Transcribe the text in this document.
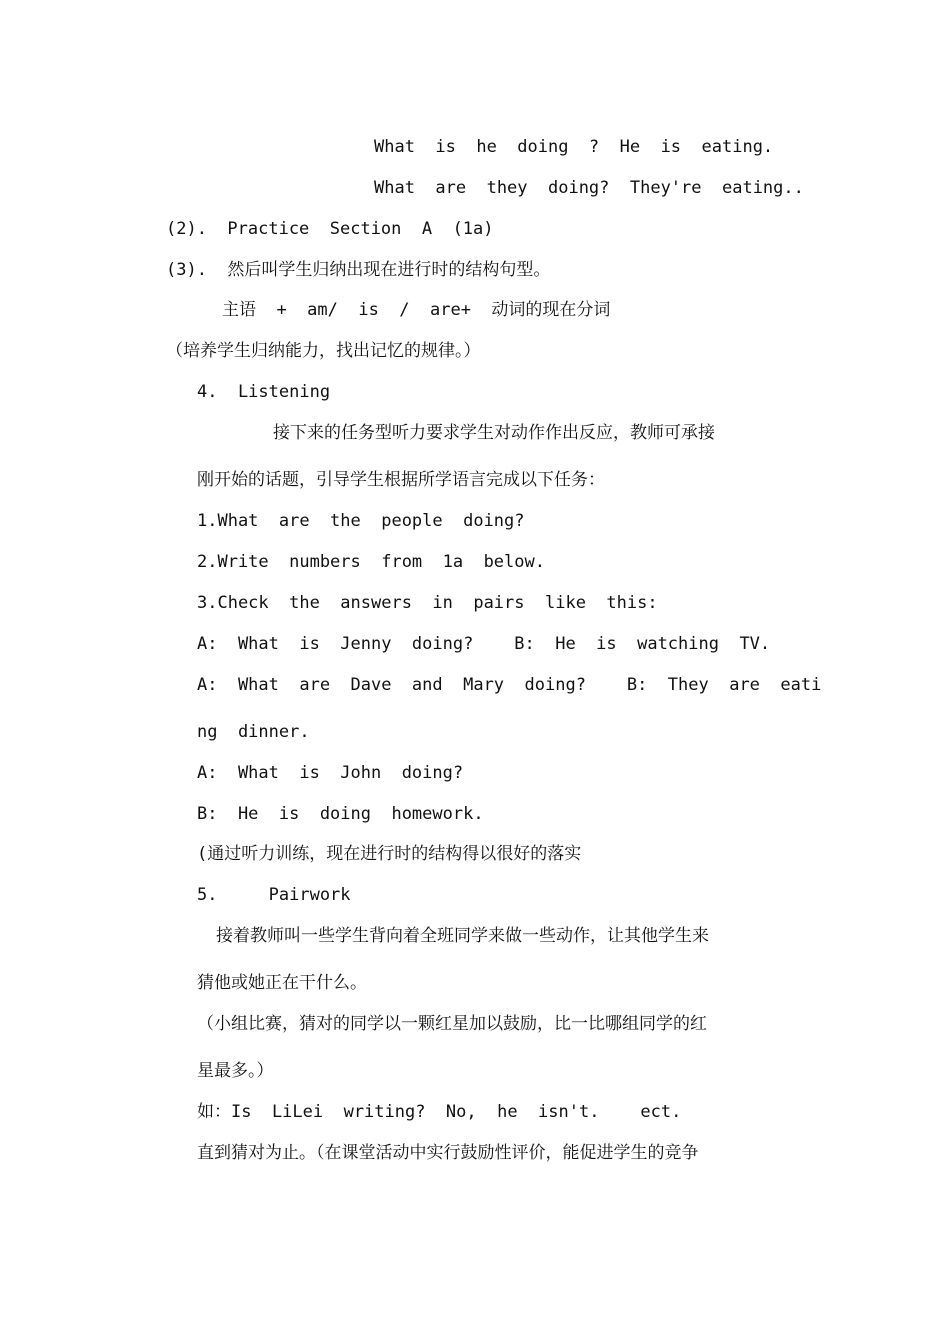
What  is  he  doing  ?  He  is  eating.
What  are  they  doing?  They're  eating..
(2).  Practice  Section  A  (1a)
(3).  然后叫学生归纳出现在进行时的结构句型。
主语  +  am/  is  /  are+  动词的现在分词
（培养学生归纳能力，找出记忆的规律。）
4.  Listening
接下来的任务型听力要求学生对动作作出反应，教师可承接
刚开始的话题，引导学生根据所学语言完成以下任务：
1.What  are  the  people  doing?
2.Write  numbers  from  1a  below.
3.Check  the  answers  in  pairs  like  this:
A:  What  is  Jenny  doing?    B:  He  is  watching  TV.
A:  What  are  Dave  and  Mary  doing?    B:  They  are  eati
ng  dinner.
A:  What  is  John  doing?
B:  He  is  doing  homework.
(通过听力训练，现在进行时的结构得以很好的落实
5.     Pairwork
接着教师叫一些学生背向着全班同学来做一些动作，让其他学生来
猜他或她正在干什么。
（小组比赛，猜对的同学以一颗红星加以鼓励，比一比哪组同学的红
星最多。）
如：Is  LiLei  writing?  No,  he  isn't.    ect.
直到猜对为止。（在课堂活动中实行鼓励性评价，能促进学生的竞争
